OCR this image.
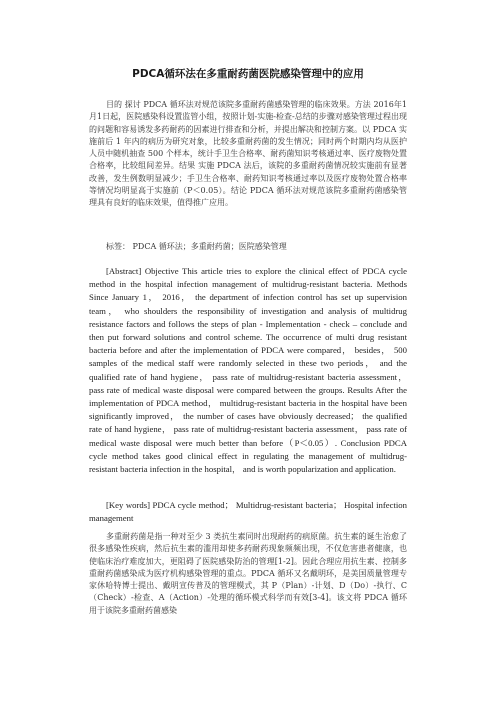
PDCA循环法在多重耐药菌医院感染管理中的应用
目的 探讨 PDCA 循环法对规范该院多重耐药菌感染管理的临床效果。方法 2016年1月1日起，医院感染科设置监管小组，按照计划-实施-检查-总结的步骤对感染管理过程出现的问题和容易诱发多药耐药的因素进行排查和分析，并提出解决和控制方案。以 PDCA 实施前后 1 年内的病历为研究对象，比较多重耐药菌的发生情况；同时两个时期内均从医护人员中随机抽查 500 个样本，统计手卫生合格率、耐药菌知识考核通过率、医疗废物处置合格率，比较组间差异。结果 实施 PDCA 法后，该院的多重耐药菌情况较实施前有显著改善，发生例数明显减少；手卫生合格率、耐药知识考核通过率以及医疗废物处置合格率等情况均明显高于实施前（P＜0.05）。结论 PDCA 循环法对规范该院多重耐药菌感染管理具有良好的临床效果，值得推广应用。
标签： PDCA 循环法；多重耐药菌；医院感染管理
[Abstract] Objective This article tries to explore the clinical effect of PDCA cycle method in the hospital infection management of multidrug-resistant bacteria. Methods Since January 1， 2016， the department of infection control has set up supervision team， who shoulders the responsibility of investigation and analysis of multidrug resistance factors and follows the steps of plan - Implementation - check – conclude and then put forward solutions and control scheme. The occurrence of multi drug resistant bacteria before and after the implementation of PDCA were compared， besides， 500 samples of the medical staff were randomly selected in these two periods， and the qualified rate of hand hygiene， pass rate of multidrug-resistant bacteria assessment， pass rate of medical waste disposal were compared between the groups. Results After the implementation of PDCA method， multidrug-resistant bacteria in the hospital have been significantly improved， the number of cases have obviously decreased； the qualified rate of hand hygiene， pass rate of multidrug-resistant bacteria assessment， pass rate of medical waste disposal were much better than before（P＜0.05）. Conclusion PDCA cycle method takes good clinical effect in regulating the management of multidrug-resistant bacteria infection in the hospital， and is worth popularization and application.
[Key words] PDCA cycle method； Multidrug-resistant bacteria； Hospital infection management
多重耐药菌是指一种对至少 3 类抗生素同时出现耐药的病原菌。抗生素的诞生治愈了很多感染性疾病，然后抗生素的滥用却使多药耐药现象频频出现，不仅危害患者健康，也使临床治疗难度加大，更阻碍了医院感染防治的管理[1-2]。因此合理应用抗生素、控制多重耐药菌感染成为医疗机构感染管理的重点。PDCA 循环又名戴明环，是美国质量管理专家休哈特博士提出、戴明宣传普及的管理模式，其 P（Plan）-计划、D（Do）-执行、C（Check）-检查、A（Action）-处理的循环模式科学而有效[3-4]。该文将 PDCA 循环用于该院多重耐药菌感染
